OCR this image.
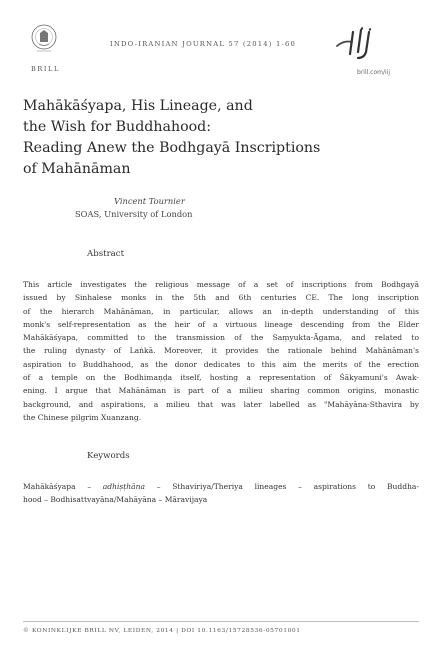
BRILL
INDO-IRANIAN JOURNAL 57 (2014) 1-60
brill.com/iij
Mahākāśyapa, His Lineage, and
the Wish for Buddhahood:
Reading Anew the Bodhgayā Inscriptions
of Mahānāman
Vincent Tournier
SOAS, University of London
Abstract
This article investigates the religious message of a set of inscriptions from Bodhgayā
issued by Sinhalese monks in the 5th and 6th centuries CE. The long inscription
of the hierarch Mahānāman, in particular, allows an in-depth understanding of this
monk's self-representation as the heir of a virtuous lineage descending from the Elder
Mahākāśyapa, committed to the transmission of the Saṃyukta-Āgama, and related to
the ruling dynasty of Laṅkā. Moreover, it provides the rationale behind Mahānāman's
aspiration to Buddhahood, as the donor dedicates to this aim the merits of the erection
of a temple on the Bodhimaṇḍa itself, hosting a representation of Śākyamuni's Awak-
ening. I argue that Mahānāman is part of a milieu sharing common origins, monastic
background, and aspirations, a milieu that was later labelled as "Mahāyāna-Sthavira by
the Chinese pilgrim Xuanzang.
Keywords
Mahākāśyapa – adhiṣṭhāna – Sthaviriya/Theriya lineages – aspirations to Buddha-
hood – Bodhisattvayāna/Mahāyāna – Māravijaya
© KONINKLIJKE BRILL NV, LEIDEN, 2014 | DOI 10.1163/15728536-05701001
